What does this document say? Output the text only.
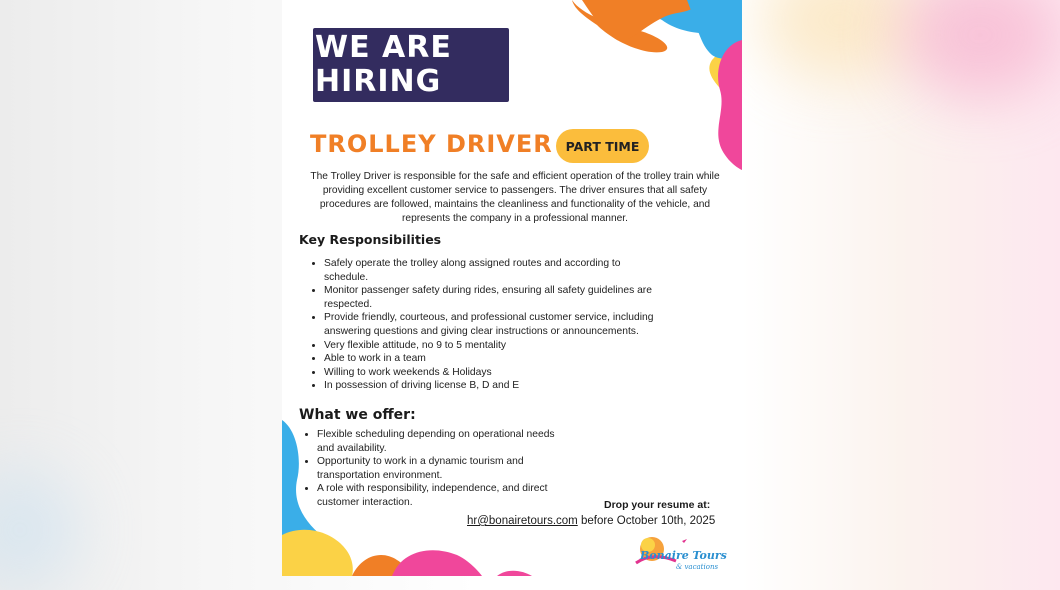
WE ARE
HIRING
TROLLEY DRIVER	PART TIME
The Trolley Driver is responsible for the safe and efficient operation of the trolley train while providing excellent customer service to passengers. The driver ensures that all safety procedures are followed, maintains the cleanliness and functionality of the vehicle, and represents the company in a professional manner.
Key Responsibilities
• Safely operate the trolley along assigned routes and according to schedule.
• Monitor passenger safety during rides, ensuring all safety guidelines are respected.
• Provide friendly, courteous, and professional customer service, including answering questions and giving clear instructions or announcements.
• Very flexible attitude, no 9 to 5 mentality
• Able to work in a team
• Willing to work weekends & Holidays
• In possession of driving license B, D and E
What we offer:
• Flexible scheduling depending on operational needs and availability.
• Opportunity to work in a dynamic tourism and transportation environment.
• A role with responsibility, independence, and direct customer interaction.	Drop your resume at:
hr@bonairetours.com before October 10th, 2025
Bonaire Tours
& vacations
